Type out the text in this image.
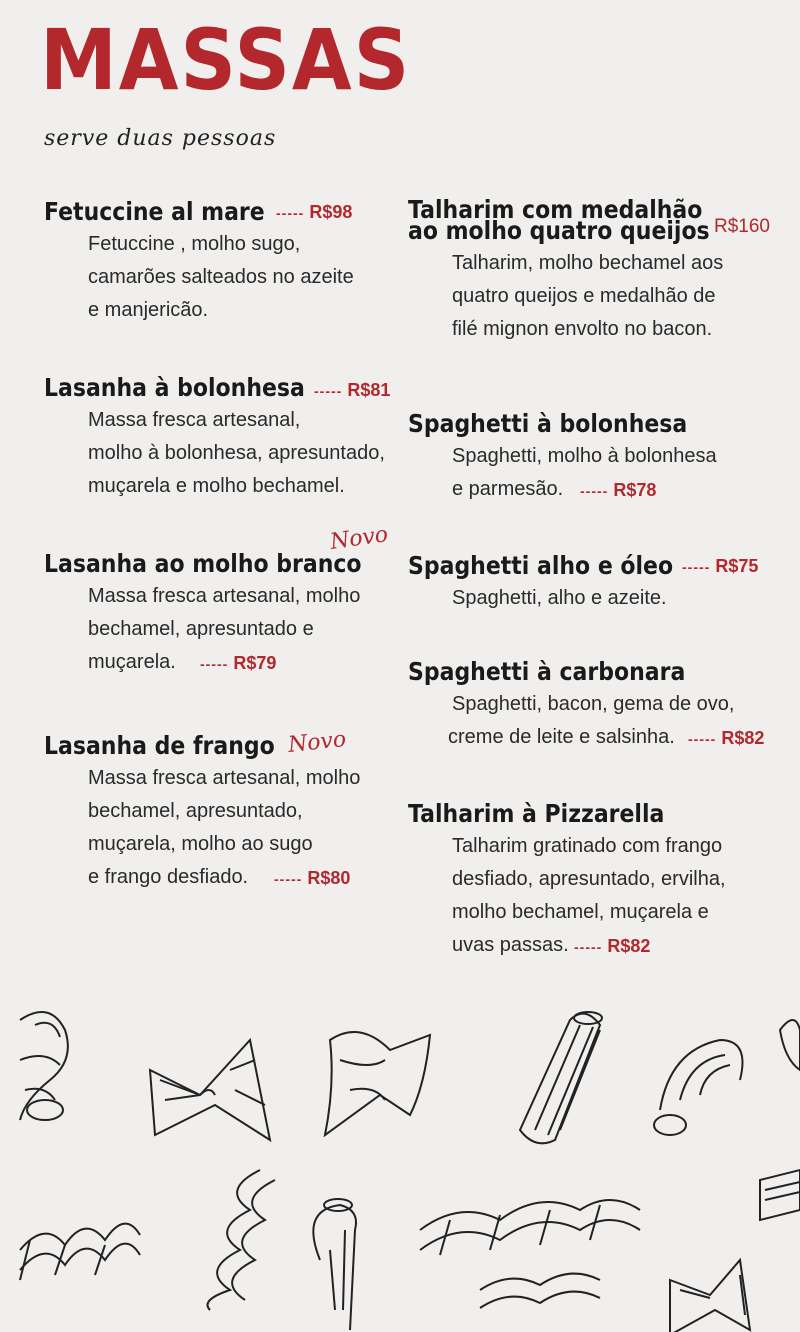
MASSAS
serve duas pessoas
Fetuccine al mare ----- R$98
Fetuccine , molho sugo,
camarões salteados no azeite
e manjericão.
Lasanha à bolonhesa ----- R$81
Massa fresca artesanal,
molho à bolonhesa, apresuntado,
muçarela e molho bechamel.
Novo
Lasanha ao molho branco
Massa fresca artesanal, molho
bechamel, apresuntado e
muçarela. ----- R$79
Lasanha de frango Novo
Massa fresca artesanal, molho
bechamel, apresuntado,
muçarela, molho ao sugo
e frango desfiado. ----- R$80
Talharim com medalhão
ao molho quatro queijos R$160
Talharim, molho bechamel aos
quatro queijos e medalhão de
filé mignon envolto no bacon.
Spaghetti à bolonhesa
Spaghetti, molho à bolonhesa
e parmesão. ----- R$78
Spaghetti alho e óleo ----- R$75
Spaghetti, alho e azeite.
Spaghetti à carbonara
Spaghetti, bacon, gema de ovo,
creme de leite e salsinha. ----- R$82
Talharim à Pizzarella
Talharim gratinado com frango
desfiado, apresuntado, ervilha,
molho bechamel, muçarela e
uvas passas. ----- R$82
